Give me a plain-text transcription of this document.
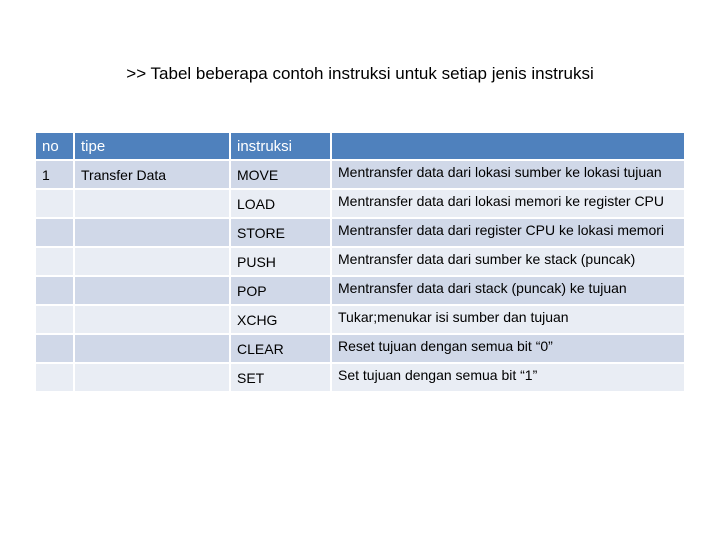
>> Tabel beberapa contoh instruksi untuk setiap jenis instruksi
no	tipe	instruksi	
1	Transfer Data	MOVE	Mentransfer data dari lokasi sumber ke lokasi tujuan
		LOAD	Mentransfer data dari lokasi memori ke register CPU
		STORE	Mentransfer data dari register CPU ke lokasi memori
		PUSH	Mentransfer data dari sumber ke stack (puncak)
		POP	Mentransfer data dari stack (puncak) ke tujuan
		XCHG	Tukar;menukar isi sumber dan tujuan
		CLEAR	Reset tujuan dengan semua bit “0”
		SET	Set tujuan dengan semua bit “1”
